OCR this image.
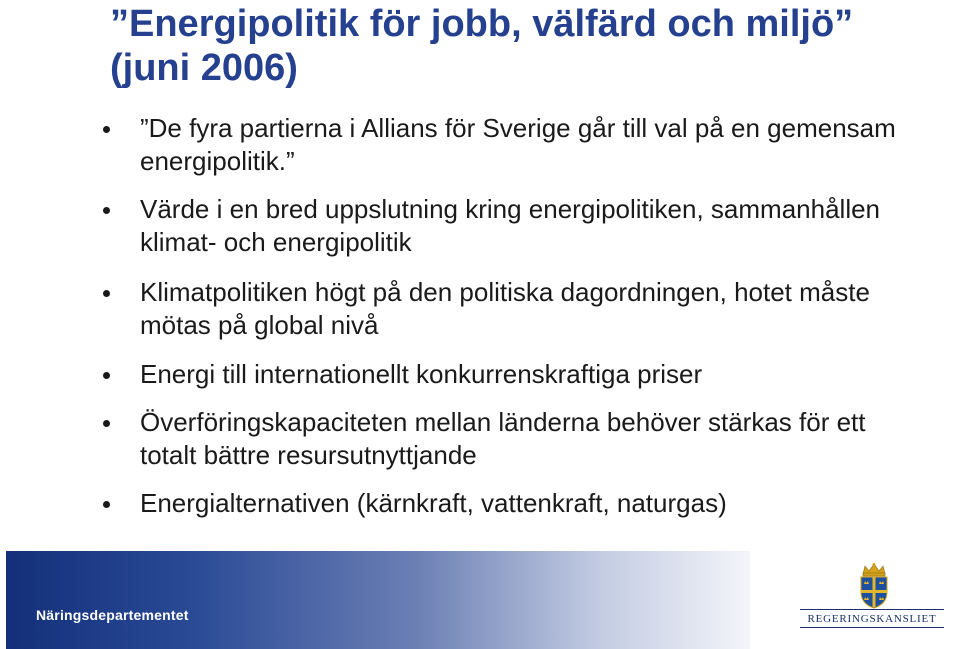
”Energipolitik för jobb, välfärd och miljö” (juni 2006)
”De fyra partierna i Allians för Sverige går till val på en gemensam energipolitik.”
Värde i en bred uppslutning kring energipolitiken, sammanhållen klimat- och energipolitik
Klimatpolitiken högt på den politiska dagordningen, hotet måste mötas på global nivå
Energi till internationellt konkurrenskraftiga priser
Överföringskapaciteten mellan länderna behöver stärkas för ett totalt bättre resursutnyttjande
Energialternativen (kärnkraft, vattenkraft, naturgas)
Näringsdepartementet	REGERINGSKANSLIET
